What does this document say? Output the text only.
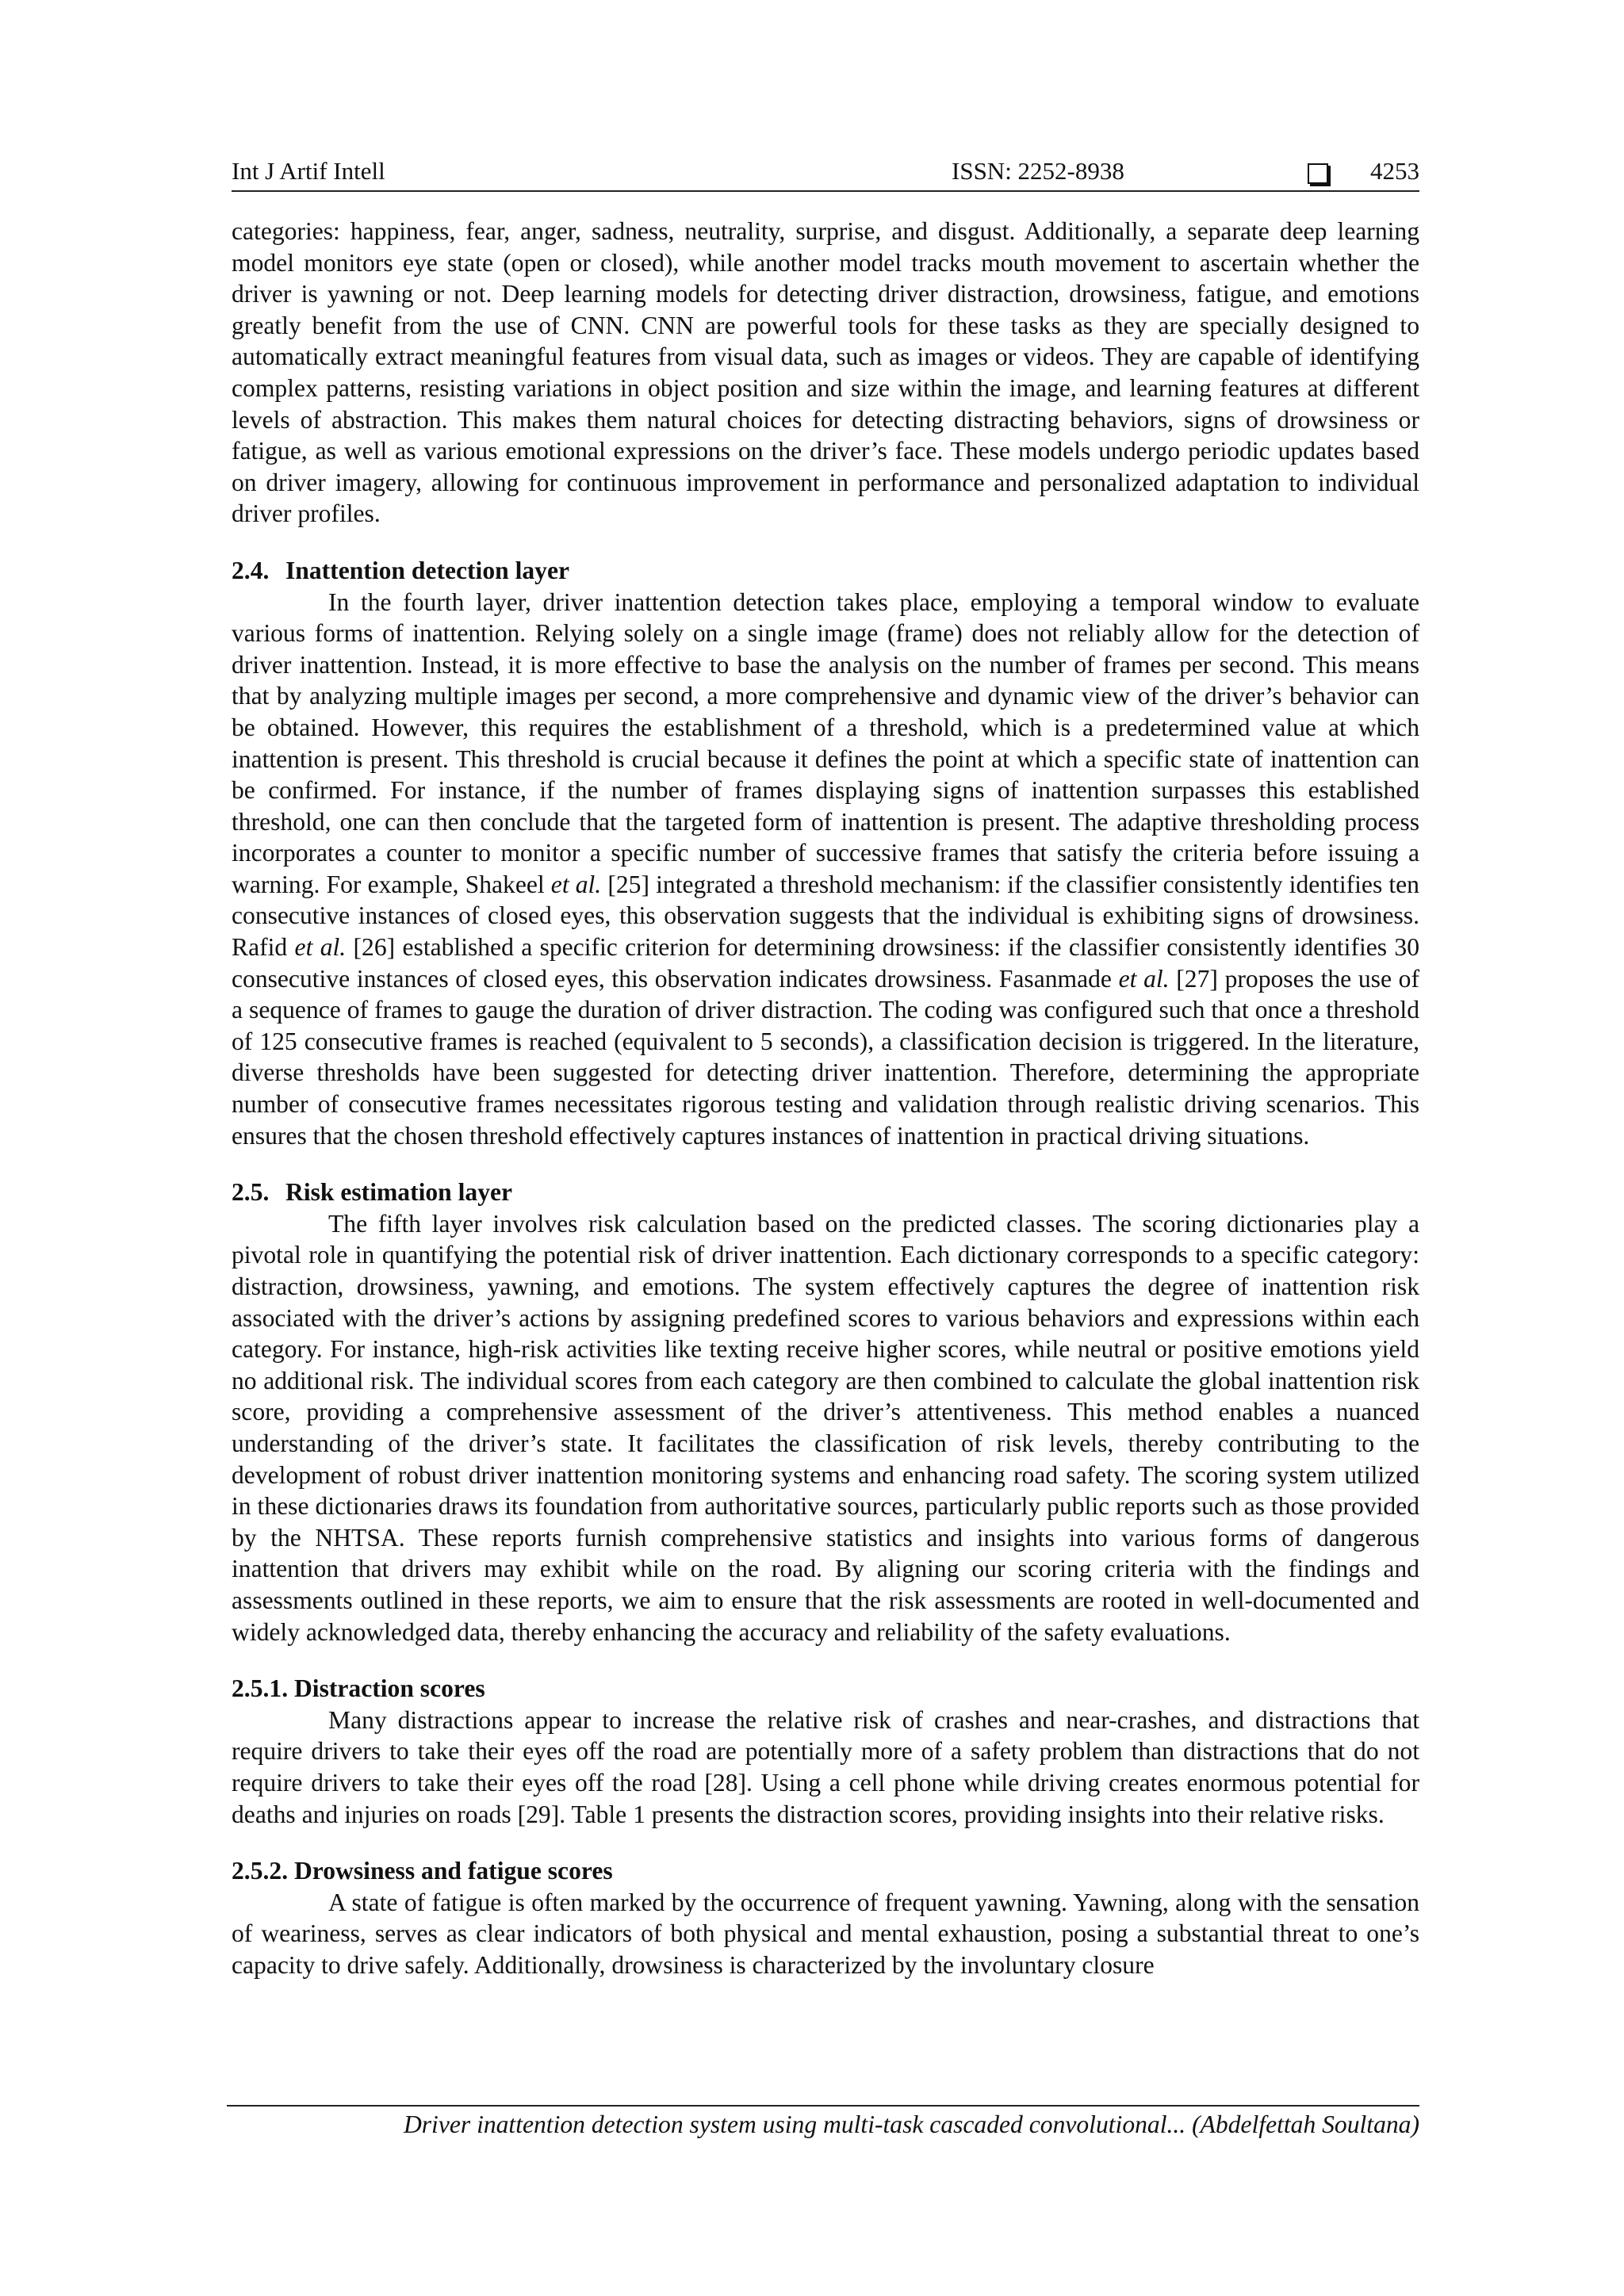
Int J Artif Intell	ISSN: 2252-8938	4253

categories: happiness, fear, anger, sadness, neutrality, surprise, and disgust. Additionally, a separate deep learning model monitors eye state (open or closed), while another model tracks mouth movement to ascertain whether the driver is yawning or not. Deep learning models for detecting driver distraction, drowsiness, fatigue, and emotions greatly benefit from the use of CNN. CNN are powerful tools for these tasks as they are specially designed to automatically extract meaningful features from visual data, such as images or videos. They are capable of identifying complex patterns, resisting variations in object position and size within the image, and learning features at different levels of abstraction. This makes them natural choices for detecting distracting behaviors, signs of drowsiness or fatigue, as well as various emotional expressions on the driver’s face. These models undergo periodic updates based on driver imagery, allowing for continuous improvement in performance and personalized adaptation to individual driver profiles.

2.4. Inattention detection layer

In the fourth layer, driver inattention detection takes place, employing a temporal window to evaluate various forms of inattention. Relying solely on a single image (frame) does not reliably allow for the detection of driver inattention. Instead, it is more effective to base the analysis on the number of frames per second. This means that by analyzing multiple images per second, a more comprehensive and dynamic view of the driver’s behavior can be obtained. However, this requires the establishment of a threshold, which is a predetermined value at which inattention is present. This threshold is crucial because it defines the point at which a specific state of inattention can be confirmed. For instance, if the number of frames displaying signs of inattention surpasses this established threshold, one can then conclude that the targeted form of inattention is present. The adaptive thresholding process incorporates a counter to monitor a specific number of successive frames that satisfy the criteria before issuing a warning. For example, Shakeel et al. [25] integrated a threshold mechanism: if the classifier consistently identifies ten consecutive instances of closed eyes, this observation suggests that the individual is exhibiting signs of drowsiness. Rafid et al. [26] established a specific criterion for determining drowsiness: if the classifier consistently identifies 30 consecutive instances of closed eyes, this observation indicates drowsiness. Fasanmade et al. [27] proposes the use of a sequence of frames to gauge the duration of driver distraction. The coding was configured such that once a threshold of 125 consecutive frames is reached (equivalent to 5 seconds), a classification decision is triggered. In the literature, diverse thresholds have been suggested for detecting driver inattention. Therefore, determining the appropriate number of consecutive frames necessitates rigorous testing and validation through realistic driving scenarios. This ensures that the chosen threshold effectively captures instances of inattention in practical driving situations.

2.5. Risk estimation layer

The fifth layer involves risk calculation based on the predicted classes. The scoring dictionaries play a pivotal role in quantifying the potential risk of driver inattention. Each dictionary corresponds to a specific category: distraction, drowsiness, yawning, and emotions. The system effectively captures the degree of inattention risk associated with the driver’s actions by assigning predefined scores to various behaviors and expressions within each category. For instance, high-risk activities like texting receive higher scores, while neutral or positive emotions yield no additional risk. The individual scores from each category are then combined to calculate the global inattention risk score, providing a comprehensive assessment of the driver’s attentiveness. This method enables a nuanced understanding of the driver’s state. It facilitates the classification of risk levels, thereby contributing to the development of robust driver inattention monitoring systems and enhancing road safety. The scoring system utilized in these dictionaries draws its foundation from authoritative sources, particularly public reports such as those provided by the NHTSA. These reports furnish comprehensive statistics and insights into various forms of dangerous inattention that drivers may exhibit while on the road. By aligning our scoring criteria with the findings and assessments outlined in these reports, we aim to ensure that the risk assessments are rooted in well-documented and widely acknowledged data, thereby enhancing the accuracy and reliability of the safety evaluations.

2.5.1. Distraction scores

Many distractions appear to increase the relative risk of crashes and near-crashes, and distractions that require drivers to take their eyes off the road are potentially more of a safety problem than distractions that do not require drivers to take their eyes off the road [28]. Using a cell phone while driving creates enormous potential for deaths and injuries on roads [29]. Table 1 presents the distraction scores, providing insights into their relative risks.

2.5.2. Drowsiness and fatigue scores

A state of fatigue is often marked by the occurrence of frequent yawning. Yawning, along with the sensation of weariness, serves as clear indicators of both physical and mental exhaustion, posing a substantial threat to one’s capacity to drive safely. Additionally, drowsiness is characterized by the involuntary closure

Driver inattention detection system using multi-task cascaded convolutional... (Abdelfettah Soultana)
